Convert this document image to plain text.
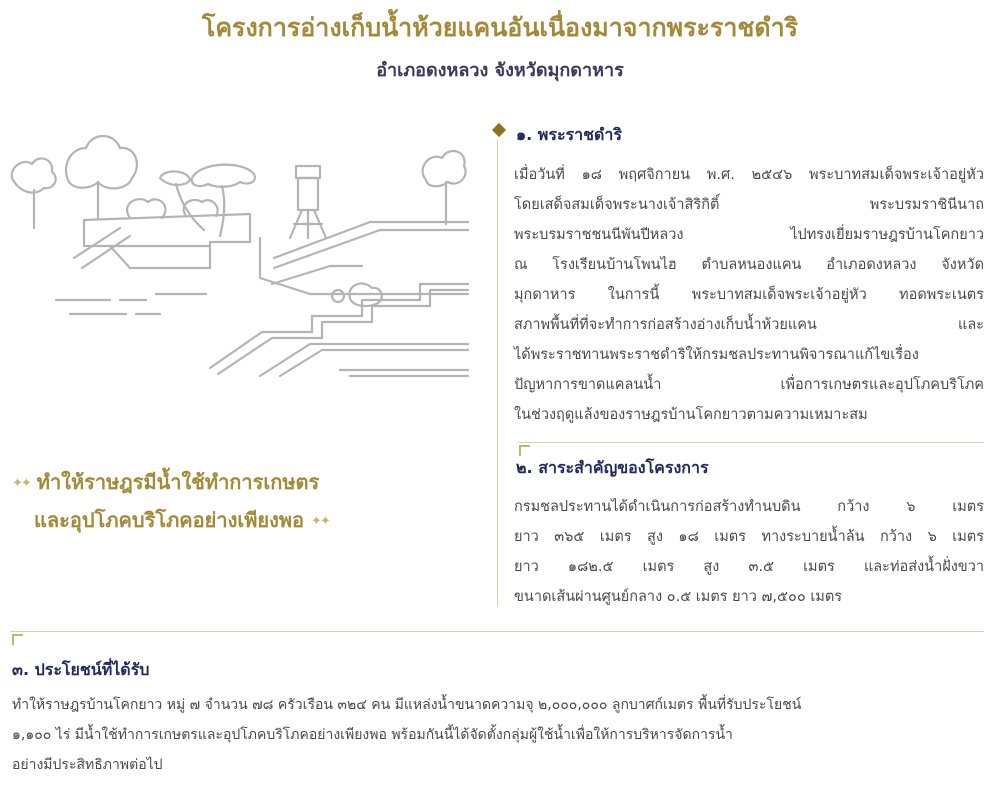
โครงการอ่างเก็บน้ำห้วยแคนอันเนื่องมาจากพระราชดำริ
อำเภอดงหลวง จังหวัดมุกดาหาร
✦✦ ทำให้ราษฎรมีน้ำใช้ทำการเกษตร
และอุปโภคบริโภคอย่างเพียงพอ ✦✦
๑. พระราชดำริ
เมื่อวันที่ ๑๘ พฤศจิกายน พ.ศ. ๒๕๔๖ พระบาทสมเด็จพระเจ้าอยู่หัว
โดยเสด็จสมเด็จพระนางเจ้าสิริกิติ์ พระบรมราชินีนาถ
พระบรมราชชนนีพันปีหลวง ไปทรงเยี่ยมราษฎรบ้านโคกยาว
ณ โรงเรียนบ้านโพนไฮ ตำบลหนองแคน อำเภอดงหลวง จังหวัด
มุกดาหาร ในการนี้ พระบาทสมเด็จพระเจ้าอยู่หัว ทอดพระเนตร
สภาพพื้นที่ที่จะทำการก่อสร้างอ่างเก็บน้ำห้วยแคน และ
ได้พระราชทานพระราชดำริให้กรมชลประทานพิจารณาแก้ไขเรื่อง
ปัญหาการขาดแคลนน้ำ เพื่อการเกษตรและอุปโภคบริโภค
ในช่วงฤดูแล้งของราษฎรบ้านโคกยาวตามความเหมาะสม
๒. สาระสำคัญของโครงการ
กรมชลประทานได้ดำเนินการก่อสร้างทำนบดิน กว้าง ๖ เมตร
ยาว ๓๖๕ เมตร สูง ๑๘ เมตร ทางระบายน้ำล้น กว้าง ๖ เมตร
ยาว ๑๘๒.๕ เมตร สูง ๓.๕ เมตร และท่อส่งน้ำฝั่งขวา
ขนาดเส้นผ่านศูนย์กลาง ๐.๕ เมตร ยาว ๗,๕๐๐ เมตร
๓. ประโยชน์ที่ได้รับ
ทำให้ราษฎรบ้านโคกยาว หมู่ ๗ จำนวน ๗๘ ครัวเรือน ๓๒๔ คน มีแหล่งน้ำขนาดความจุ ๒,๐๐๐,๐๐๐ ลูกบาศก์เมตร พื้นที่รับประโยชน์
๑,๑๐๐ ไร่ มีน้ำใช้ทำการเกษตรและอุปโภคบริโภคอย่างเพียงพอ พร้อมกันนี้ได้จัดตั้งกลุ่มผู้ใช้น้ำเพื่อให้การบริหารจัดการน้ำ
อย่างมีประสิทธิภาพต่อไป
